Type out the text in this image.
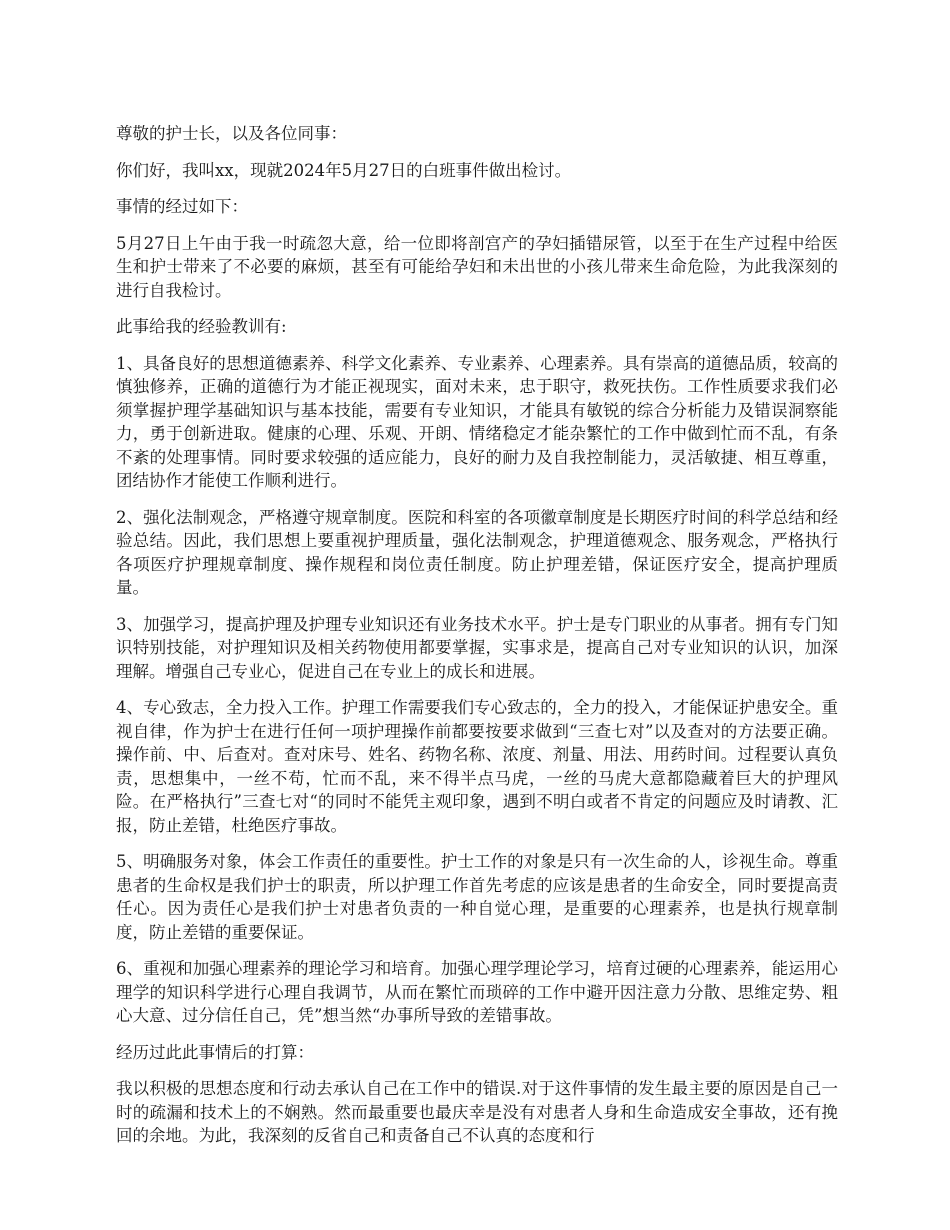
尊敬的护士长，以及各位同事：

你们好，我叫xx，现就2024年5月27日的白班事件做出检讨。

事情的经过如下：

5月27日上午由于我一时疏忽大意，给一位即将剖宫产的孕妇插错尿管，以至于在生产过程中给医生和护士带来了不必要的麻烦，甚至有可能给孕妇和未出世的小孩儿带来生命危险，为此我深刻的进行自我检讨。

此事给我的经验教训有:

1、具备良好的思想道德素养、科学文化素养、专业素养、心理素养。具有崇高的道德品质，较高的慎独修养，正确的道德行为才能正视现实，面对未来，忠于职守，救死扶伤。工作性质要求我们必须掌握护理学基础知识与基本技能，需要有专业知识，才能具有敏锐的综合分析能力及错误洞察能力，勇于创新进取。健康的心理、乐观、开朗、情绪稳定才能杂繁忙的工作中做到忙而不乱，有条不紊的处理事情。同时要求较强的适应能力，良好的耐力及自我控制能力，灵活敏捷、相互尊重，团结协作才能使工作顺利进行。

2、强化法制观念，严格遵守规章制度。医院和科室的各项徽章制度是长期医疗时间的科学总结和经验总结。因此，我们思想上要重视护理质量，强化法制观念，护理道德观念、服务观念，严格执行各项医疗护理规章制度、操作规程和岗位责任制度。防止护理差错，保证医疗安全，提高护理质量。

3、加强学习，提高护理及护理专业知识还有业务技术水平。护士是专门职业的从事者。拥有专门知识特别技能，对护理知识及相关药物使用都要掌握，实事求是，提高自己对专业知识的认识，加深理解。增强自己专业心，促进自己在专业上的成长和进展。

4、专心致志，全力投入工作。护理工作需要我们专心致志的，全力的投入，才能保证护患安全。重视自律，作为护士在进行任何一项护理操作前都要按要求做到“三查七对”以及查对的方法要正确。操作前、中、后查对。查对床号、姓名、药物名称、浓度、剂量、用法、用药时间。过程要认真负责，思想集中，一丝不苟，忙而不乱，来不得半点马虎，一丝的马虎大意都隐藏着巨大的护理风险。在严格执行”三查七对“的同时不能凭主观印象，遇到不明白或者不肯定的问题应及时请教、汇报，防止差错，杜绝医疗事故。

5、明确服务对象，体会工作责任的重要性。护士工作的对象是只有一次生命的人，诊视生命。尊重患者的生命权是我们护士的职责，所以护理工作首先考虑的应该是患者的生命安全，同时要提高责任心。因为责任心是我们护士对患者负责的一种自觉心理，是重要的心理素养，也是执行规章制度，防止差错的重要保证。

6、重视和加强心理素养的理论学习和培育。加强心理学理论学习，培育过硬的心理素养，能运用心理学的知识科学进行心理自我调节，从而在繁忙而琐碎的工作中避开因注意力分散、思维定势、粗心大意、过分信任自己，凭”想当然“办事所导致的差错事故。

经历过此此事情后的打算：

我以积极的思想态度和行动去承认自己在工作中的错误.对于这件事情的发生最主要的原因是自己一时的疏漏和技术上的不娴熟。然而最重要也最庆幸是没有对患者人身和生命造成安全事故，还有挽回的余地。为此，我深刻的反省自己和责备自己不认真的态度和行
